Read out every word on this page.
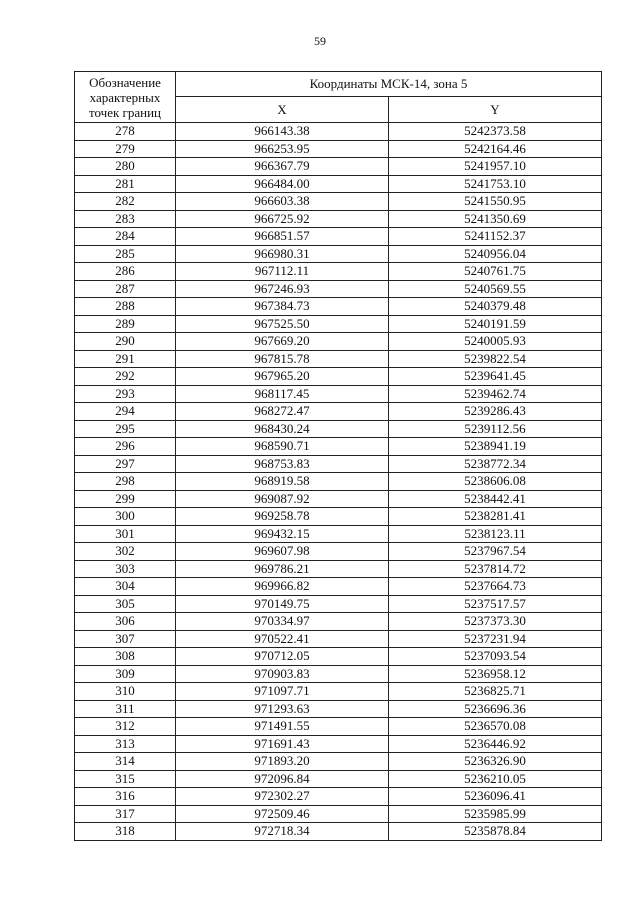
59
Обозначение характерных точек границ	Координаты МСК-14, зона 5	
	X	Y
278	966143.38	5242373.58
279	966253.95	5242164.46
280	966367.79	5241957.10
281	966484.00	5241753.10
282	966603.38	5241550.95
283	966725.92	5241350.69
284	966851.57	5241152.37
285	966980.31	5240956.04
286	967112.11	5240761.75
287	967246.93	5240569.55
288	967384.73	5240379.48
289	967525.50	5240191.59
290	967669.20	5240005.93
291	967815.78	5239822.54
292	967965.20	5239641.45
293	968117.45	5239462.74
294	968272.47	5239286.43
295	968430.24	5239112.56
296	968590.71	5238941.19
297	968753.83	5238772.34
298	968919.58	5238606.08
299	969087.92	5238442.41
300	969258.78	5238281.41
301	969432.15	5238123.11
302	969607.98	5237967.54
303	969786.21	5237814.72
304	969966.82	5237664.73
305	970149.75	5237517.57
306	970334.97	5237373.30
307	970522.41	5237231.94
308	970712.05	5237093.54
309	970903.83	5236958.12
310	971097.71	5236825.71
311	971293.63	5236696.36
312	971491.55	5236570.08
313	971691.43	5236446.92
314	971893.20	5236326.90
315	972096.84	5236210.05
316	972302.27	5236096.41
317	972509.46	5235985.99
318	972718.34	5235878.84
